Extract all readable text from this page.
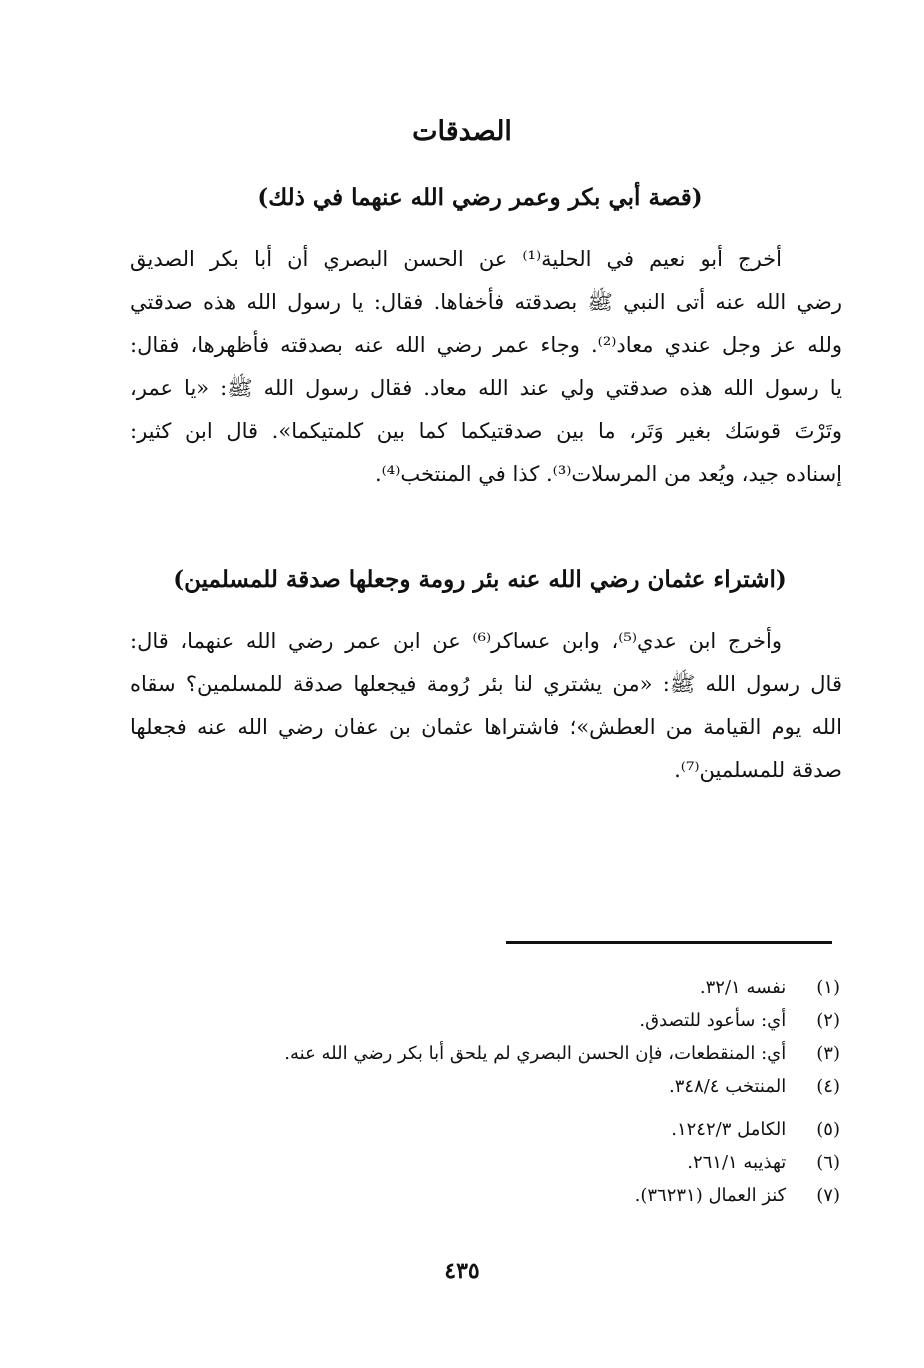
الصدقات
(قصة أبي بكر وعمر رضي الله عنهما في ذلك)
أخرج أبو نعيم في الحلية⁽¹⁾ عن الحسن البصري أن أبا بكر الصديق
رضي الله عنه أتى النبي ﷺ بصدقته فأخفاها. فقال: يا رسول الله هذه صدقتي
ولله عز وجل عندي معاد⁽²⁾. وجاء عمر رضي الله عنه بصدقته فأظهرها، فقال:
يا رسول الله هذه صدقتي ولي عند الله معاد. فقال رسول الله ﷺ: «يا عمر،
وتَرْتَ قوسَك بغير وَتَر، ما بين صدقتيكما كما بين كلمتيكما». قال ابن كثير:
إسناده جيد، ويُعد من المرسلات⁽³⁾. كذا في المنتخب⁽⁴⁾.
(اشتراء عثمان رضي الله عنه بئر رومة وجعلها صدقة للمسلمين)
وأخرج ابن عدي⁽⁵⁾، وابن عساكر⁽⁶⁾ عن ابن عمر رضي الله عنهما، قال:
قال رسول الله ﷺ: «من يشتري لنا بئر رُومة فيجعلها صدقة للمسلمين؟ سقاه
الله يوم القيامة من العطش»؛ فاشتراها عثمان بن عفان رضي الله عنه فجعلها
صدقة للمسلمين⁽⁷⁾.
(١) نفسه ٣٢/١.
(٢) أي: سأعود للتصدق.
(٣) أي: المنقطعات، فإن الحسن البصري لم يلحق أبا بكر رضي الله عنه.
(٤) المنتخب ٣٤٨/٤.
(٥) الكامل ١٢٤٢/٣.
(٦) تهذيبه ٢٦١/١.
(٧) كنز العمال (٣٦٢٣١).
٤٣٥
